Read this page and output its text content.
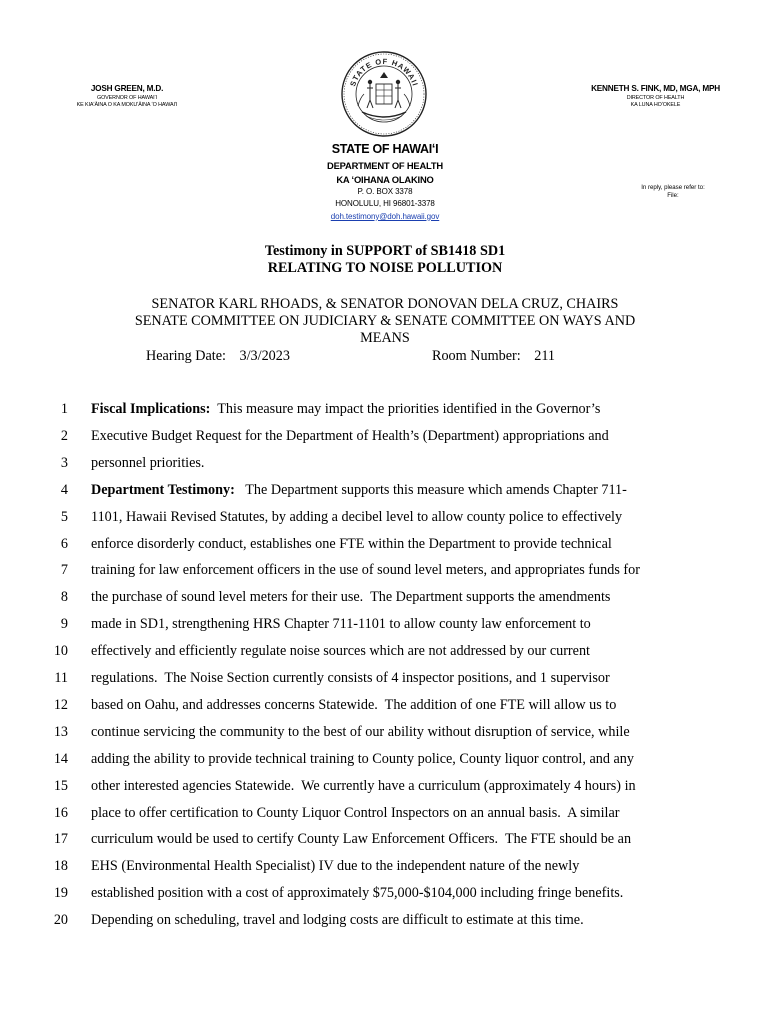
JOSH GREEN, M.D.
GOVERNOR OF HAWAI‘I
KE KIAʻĀINA O KA MOKUʻĀINA ʻO HAWAIʻI
KENNETH S. FINK, MD, MGA, MPH
DIRECTOR OF HEALTH
KA LUNA HOʻOKELE
STATE OF HAWAII
STATE OF HAWAIʻI
DEPARTMENT OF HEALTH
KA ʻOIHANA OLAKINO
P. O. BOX 3378
HONOLULU, HI 96801-3378
doh.testimony@doh.hawaii.gov
In reply, please refer to:
File:
Testimony in SUPPORT of SB1418 SD1
RELATING TO NOISE POLLUTION
SENATOR KARL RHOADS, & SENATOR DONOVAN DELA CRUZ, CHAIRS
SENATE COMMITTEE ON JUDICIARY & SENATE COMMITTEE ON WAYS AND
MEANS
Hearing Date: 3/3/2023	Room Number: 211
1 Fiscal Implications:  This measure may impact the priorities identified in the Governor’s
2 Executive Budget Request for the Department of Health’s (Department) appropriations and
3 personnel priorities.
4 Department Testimony:   The Department supports this measure which amends Chapter 711-
5 1101, Hawaii Revised Statutes, by adding a decibel level to allow county police to effectively
6 enforce disorderly conduct, establishes one FTE within the Department to provide technical
7 training for law enforcement officers in the use of sound level meters, and appropriates funds for
8 the purchase of sound level meters for their use.  The Department supports the amendments
9 made in SD1, strengthening HRS Chapter 711-1101 to allow county law enforcement to
10 effectively and efficiently regulate noise sources which are not addressed by our current
11 regulations.  The Noise Section currently consists of 4 inspector positions, and 1 supervisor
12 based on Oahu, and addresses concerns Statewide.  The addition of one FTE will allow us to
13 continue servicing the community to the best of our ability without disruption of service, while
14 adding the ability to provide technical training to County police, County liquor control, and any
15 other interested agencies Statewide.  We currently have a curriculum (approximately 4 hours) in
16 place to offer certification to County Liquor Control Inspectors on an annual basis.  A similar
17 curriculum would be used to certify County Law Enforcement Officers.  The FTE should be an
18 EHS (Environmental Health Specialist) IV due to the independent nature of the newly
19 established position with a cost of approximately $75,000-$104,000 including fringe benefits.
20 Depending on scheduling, travel and lodging costs are difficult to estimate at this time.
